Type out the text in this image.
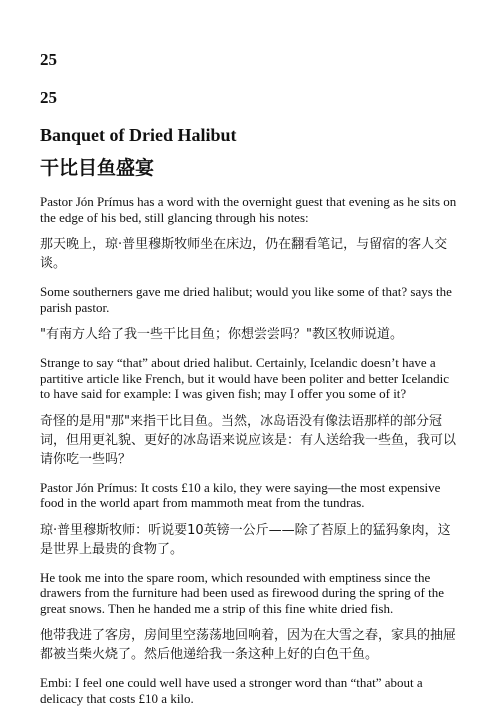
25

25

Banquet of Dried Halibut
干比目鱼盛宴

Pastor Jón Prímus has a word with the overnight guest that evening as he sits on the edge of his bed, still glancing through his notes:

那天晚上，琼·普里穆斯牧师坐在床边，仍在翻看笔记，与留宿的客人交谈。

Some southerners gave me dried halibut; would you like some of that? says the parish pastor.

"有南方人给了我一些干比目鱼；你想尝尝吗？"教区牧师说道。

Strange to say “that” about dried halibut. Certainly, Icelandic doesn’t have a partitive article like French, but it would have been politer and better Icelandic to have said for example: I was given fish; may I offer you some of it?

奇怪的是用"那"来指干比目鱼。当然，冰岛语没有像法语那样的部分冠词，但用更礼貌、更好的冰岛语来说应该是：有人送给我一些鱼，我可以请你吃一些吗？

Pastor Jón Prímus: It costs £10 a kilo, they were saying—the most expensive food in the world apart from mammoth meat from the tundras.

琼·普里穆斯牧师：听说要10英镑一公斤——除了苔原上的猛犸象肉，这是世界上最贵的食物了。

He took me into the spare room, which resounded with emptiness since the drawers from the furniture had been used as firewood during the spring of the great snows. Then he handed me a strip of this fine white dried fish.

他带我进了客房，房间里空荡荡地回响着，因为在大雪之春，家具的抽屉都被当柴火烧了。然后他递给我一条这种上好的白色干鱼。

Embi: I feel one could well have used a stronger word than “that” about a delicacy that costs £10 a kilo.
